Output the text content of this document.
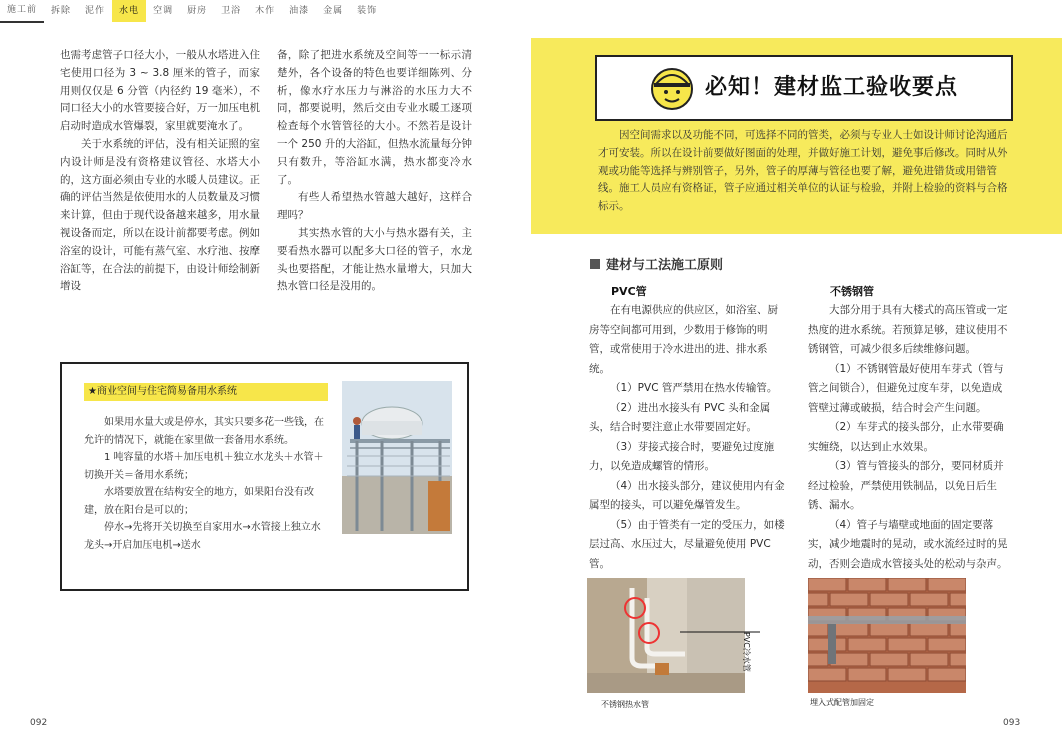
施工前	拆除	泥作	水电	空调	厨房	卫浴	木作	油漆	金属	装饰

也需考虑管子口径大小，一般从水塔进入住宅使用口径为 3 ~ 3.8 厘米的管子，而家用则仅仅是 6 分管（内径约 19 毫米），不同口径大小的水管要接合好，万一加压电机启动时造成水管爆裂，家里就要淹水了。

关于水系统的评估，没有相关证照的室内设计师是没有资格建议管径、水塔大小的，这方面必须由专业的水暖人员建议。正确的评估当然是依使用水的人员数量及习惯来计算，但由于现代设备越来越多，用水量视设备而定，所以在设计前都要考虑。例如浴室的设计，可能有蒸气室、水疗池、按摩浴缸等，在合法的前提下，由设计师绘制新增设

备，除了把进水系统及空间等一一标示清楚外，各个设备的特色也要详细陈列、分析，像水疗水压力与淋浴的水压力大不同，都要说明，然后交由专业水暖工逐项检查每个水管管径的大小。不然若是设计一个 250 升的大浴缸，但热水流量每分钟只有数升，等浴缸水满，热水都变冷水了。

有些人希望热水管越大越好，这样合理吗？

其实热水管的大小与热水器有关，主要看热水器可以配多大口径的管子，水龙头也要搭配，才能让热水量增大，只加大热水管口径是没用的。

★商业空间与住宅简易备用水系统

如果用水量大或是停水，其实只要多花一些钱，在允许的情况下，就能在家里做一套备用水系统。

1 吨容量的水塔＋加压电机＋独立水龙头＋水管＋切换开关＝备用水系统；

水塔要放置在结构安全的地方，如果阳台没有改建，放在阳台是可以的；

停水→先将开关切换至自家用水→水管接上独立水龙头→开启加压电机→送水

092
必知！建材监工验收要点

因空间需求以及功能不同，可选择不同的管类，必须与专业人士如设计师讨论沟通后才可安装。所以在设计前要做好图面的处理，并做好施工计划，避免事后修改。同时从外观或功能等选择与辨别管子，另外，管子的厚薄与管径也要了解，避免进错货或用错管线。施工人员应有资格证，管子应通过相关单位的认证与检验，并附上检验的资料与合格标示。

建材与工法施工原则
PVC管

在有电源供应的供应区，如浴室、厨房等空间都可用到，少数用于修饰的明管，或常使用于冷水进出的进、排水系统。

（1）PVC 管严禁用在热水传输管。

（2）进出水接头有 PVC 头和金属头，结合时要注意止水带要固定好。

（3）芽接式接合时，要避免过度施力，以免造成螺管的情形。

（4）出水接头部分，建议使用内有金属型的接头，可以避免爆管发生。

（5）由于管类有一定的受压力，如楼层过高、水压过大，尽量避免使用 PVC 管。

不锈钢管

大部分用于具有大楼式的高压管或一定热度的进水系统。若预算足够，建议使用不锈钢管，可减少很多后续维修问题。

（1）不锈钢管最好使用车芽式（管与管之间锁合），但避免过度车芽，以免造成管壁过薄或破损，结合时会产生问题。

（2）车芽式的接头部分，止水带要确实缠绕，以达到止水效果。

（3）管与管接头的部分，要同材质并经过检验，严禁使用铁制品，以免日后生锈、漏水。

（4）管子与墙壁或地面的固定要落实，减少地震时的晃动，或水流经过时的晃动，否则会造成水管接头处的松动与杂声。

PVC冷水管
不锈钢热水管	埋入式配管加固定
093
